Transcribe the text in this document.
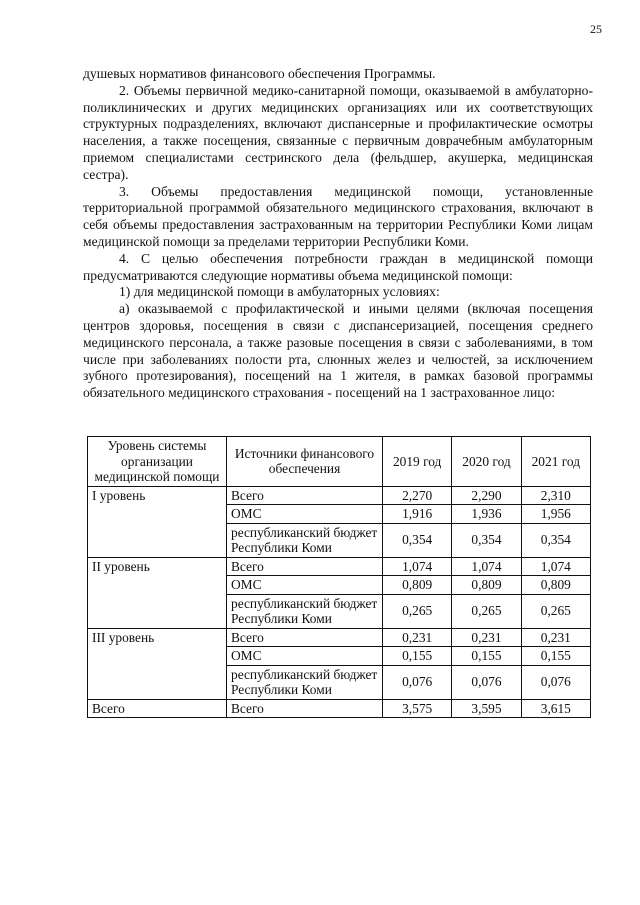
25

душевых нормативов финансового обеспечения Программы.

2. Объемы первичной медико-санитарной помощи, оказываемой в амбулаторно-поликлинических и других медицинских организациях или их соответствующих структурных подразделениях, включают диспансерные и профилактические осмотры населения, а также посещения, связанные с первичным доврачебным амбулаторным приемом специалистами сестринского дела (фельдшер, акушерка, медицинская сестра).

3. Объемы предоставления медицинской помощи, установленные территориальной программой обязательного медицинского страхования, включают в себя объемы предоставления застрахованным на территории Республики Коми лицам медицинской помощи за пределами территории Республики Коми.

4. С целью обеспечения потребности граждан в медицинской помощи предусматриваются следующие нормативы объема медицинской помощи:

1) для медицинской помощи в амбулаторных условиях:

а) оказываемой с профилактической и иными целями (включая посещения центров здоровья, посещения в связи с диспансеризацией, посещения среднего медицинского персонала, а также разовые посещения в связи с заболеваниями, в том числе при заболеваниях полости рта, слюнных желез и челюстей, за исключением зубного протезирования), посещений на 1 жителя, в рамках базовой программы обязательного медицинского страхования - посещений на 1 застрахованное лицо:

Уровень системы организации медицинской помощи	Источники финансового обеспечения	2019 год	2020 год	2021 год
I уровень	Всего	2,270	2,290	2,310
	ОМС	1,916	1,936	1,956
	республиканский бюджет Республики Коми	0,354	0,354	0,354
II уровень	Всего	1,074	1,074	1,074
	ОМС	0,809	0,809	0,809
	республиканский бюджет Республики Коми	0,265	0,265	0,265
III уровень	Всего	0,231	0,231	0,231
	ОМС	0,155	0,155	0,155
	республиканский бюджет Республики Коми	0,076	0,076	0,076
Всего	Всего	3,575	3,595	3,615
